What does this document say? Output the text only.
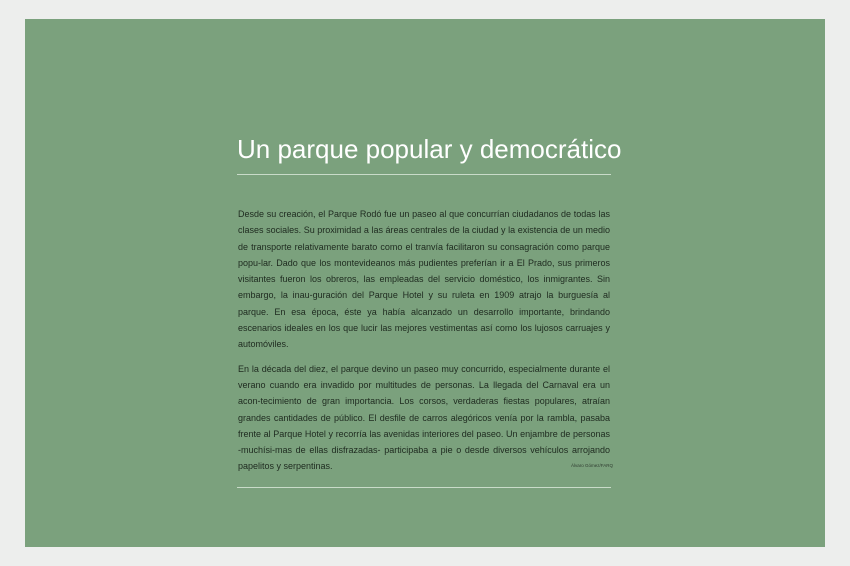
Un parque popular y democrático

Desde su creación, el Parque Rodó fue un paseo al que concurrían ciudadanos de todas las clases sociales. Su proximidad a las áreas centrales de la ciudad y la existencia de un medio de transporte relativamente barato como el tranvía facilitaron su consagración como parque popu-lar. Dado que los montevideanos más pudientes preferían ir a El Prado, sus primeros visitantes fueron los obreros, las empleadas del servicio doméstico, los inmigrantes. Sin embargo, la inau-guración del Parque Hotel y su ruleta en 1909 atrajo la burguesía al parque. En esa época, éste ya había alcanzado un desarrollo importante, brindando escenarios ideales en los que lucir las mejores vestimentas así como los lujosos carruajes y automóviles.

En la década del diez, el parque devino un paseo muy concurrido, especialmente durante el verano cuando era invadido por multitudes de personas. La llegada del Carnaval era un acon-tecimiento de gran importancia. Los corsos, verdaderas fiestas populares, atraían grandes cantidades de público. El desfile de carros alegóricos venía por la rambla, pasaba frente al Parque Hotel y recorría las avenidas interiores del paseo. Un enjambre de personas -muchísi-mas de ellas disfrazadas- participaba a pie o desde diversos vehículos arrojando papelitos y serpentinas.	Álvaro Gómez/FARQ
